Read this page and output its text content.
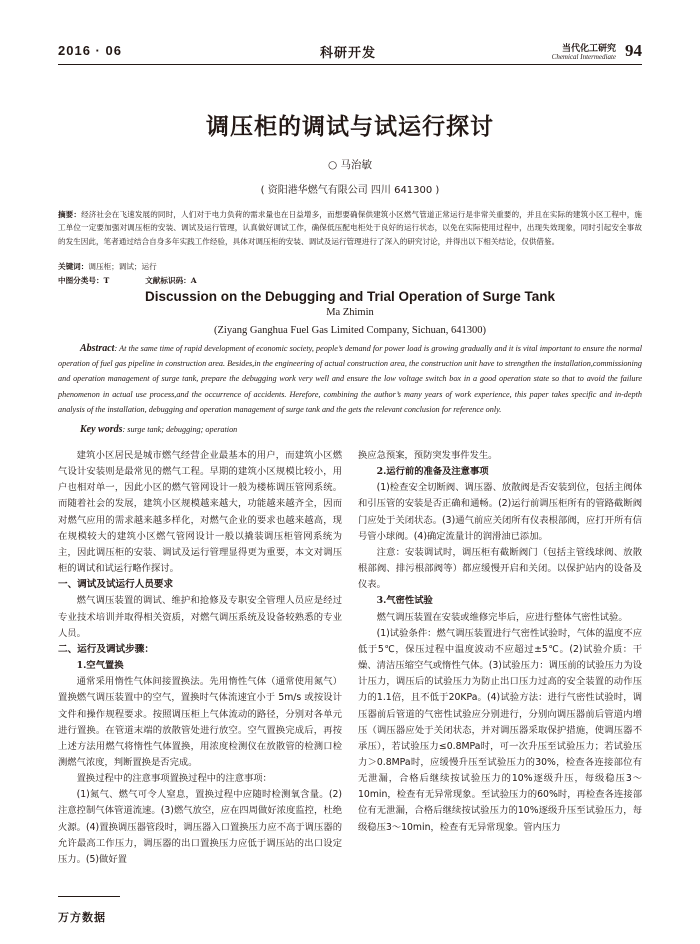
2016 · 06	科研开发	当代化工研究
Chemical Intermediate 94
调压柜的调试与试运行探讨
○ 马治敏
( 资阳港华燃气有限公司 四川 641300 )
摘要：经济社会在飞速发展的同时，人们对于电力负荷的需求量也在日益增多，而想要确保供建筑小区燃气管道正常运行是非常关重要的，并且在实际的建筑小区工程中，施工单位一定要加强对调压柜的安装、调试及运行管理，认真做好调试工作，确保低压配电柜处于良好的运行状态，以免在实际使用过程中，出现失效现象，同时引起安全事故的发生因此，笔者通过结合自身多年实践工作经验，具体对调压柜的安装、调试及运行管理进行了深入的研究讨论，并得出以下相关结论，仅供借鉴。
关键词：调压柜；调试；运行
中图分类号：T	文献标识码：A
Discussion on the Debugging and Trial Operation of Surge Tank
Ma Zhimin
(Ziyang Ganghua Fuel Gas Limited Company, Sichuan, 641300)
Abstract: At the same time of rapid development of economic society, people’s demand for power load is growing gradually and it is vital important to ensure the normal operation of fuel gas pipeline in construction area. Besides,in the engineering of actual construction area, the construction unit have to strengthen the installation,commissioning and operation management of surge tank, prepare the debugging work very well and ensure the low voltage switch box in a good operation state so that to avoid the failure phenomenon in actual use process,and the occurrence of accidents. Herefore, combining the author’s many years of work experience, this paper takes specific and in-depth analysis of the installation, debugging and operation management of surge tank and the gets the relevant conclusion for reference only.
Key words: surge tank; debugging; operation

建筑小区居民是城市燃气经营企业最基本的用户，而建筑小区燃气设计安装则是最常见的燃气工程。早期的建筑小区规模比较小，用户也相对单一，因此小区的燃气管网设计一般为楼栋调压管网系统。而随着社会的发展，建筑小区规模越来越大，功能越来越齐全，因而对燃气应用的需求越来越多样化，对燃气企业的要求也越来越高，现在规模较大的建筑小区燃气管网设计一般以撬装调压柜管网系统为主，因此调压柜的安装、调试及运行管理显得更为重要，本文对调压柜的调试和试运行略作探讨。

一、调试及试运行人员要求

燃气调压装置的调试、维护和抢修及专职安全管理人员应是经过专业技术培训并取得相关资质，对燃气调压系统及设备较熟悉的专业人员。

二、运行及调试步骤：
1.空气置换

通常采用惰性气体间接置换法。先用惰性气体（通常使用氮气）置换燃气调压装置中的空气，置换时气体流速宜小于 5m/s 或按设计文件和操作规程要求。按照调压柜上气体流动的路径，分别对各单元进行置换。在管道末端的放散管处进行放空。空气置换完成后，再按上述方法用燃气将惰性气体置换，用浓度检测仪在放散管的检测口检测燃气浓度，判断置换是否完成。

置换过程中的注意事项置换过程中的注意事项：

(1)氮气、燃气可令人窒息，置换过程中应随时检测氧含量。(2)注意控制气体管道流速。(3)燃气放空，应在四周做好浓度监控，杜绝火源。(4)置换调压器管段时，调压器入口置换压力应不高于调压器的允许最高工作压力，调压器的出口置换压力应低于调压站的出口设定压力。(5)做好置

换应急预案，预防突发事件发生。

2.运行前的准备及注意事项

(1)检查安全切断阀、调压器、放散阀是否安装到位，包括主阀体和引压管的安装是否正确和通畅。(2)运行前调压柜所有的管路截断阀门应处于关闭状态。(3)通气前应关闭所有仪表根部阀，应打开所有信号管小球阀。(4)确定流量计的润滑油已添加。

注意：安装调试时，调压柜有截断阀门（包括主管线球阀、放散根部阀、排污根部阀等）都应缓慢开启和关闭。以保护站内的设备及仪表。

3.气密性试验

燃气调压装置在安装或维修完毕后，应进行整体气密性试验。

(1)试验条件：燃气调压装置进行气密性试验时，气体的温度不应低于5℃，保压过程中温度波动不应超过±5℃。(2)试验介质：干燥、清洁压缩空气或惰性气体。(3)试验压力：调压前的试验压力为设计压力，调压后的试验压力为防止出口压力过高的安全装置的动作压力的1.1倍，且不低于20KPa。(4)试验方法：进行气密性试验时，调压器前后管道的气密性试验应分别进行，分别向调压器前后管道内增压（调压器应处于关闭状态，并对调压器采取保护措施，使调压器不承压），若试验压力≤0.8MPa时，可一次升压至试验压力；若试验压力＞0.8MPa时，应缓慢升压至试验压力的30%，检查各连接部位有无泄漏，合格后继续按试验压力的10%逐级升压，每级稳压3～10min，检查有无异常现象。至试验压力的60%时，再检查各连接部位有无泄漏，合格后继续按试验压力的10%逐级升压至试验压力，每级稳压3～10min，检查有无异常现象。管内压力

万方数据
